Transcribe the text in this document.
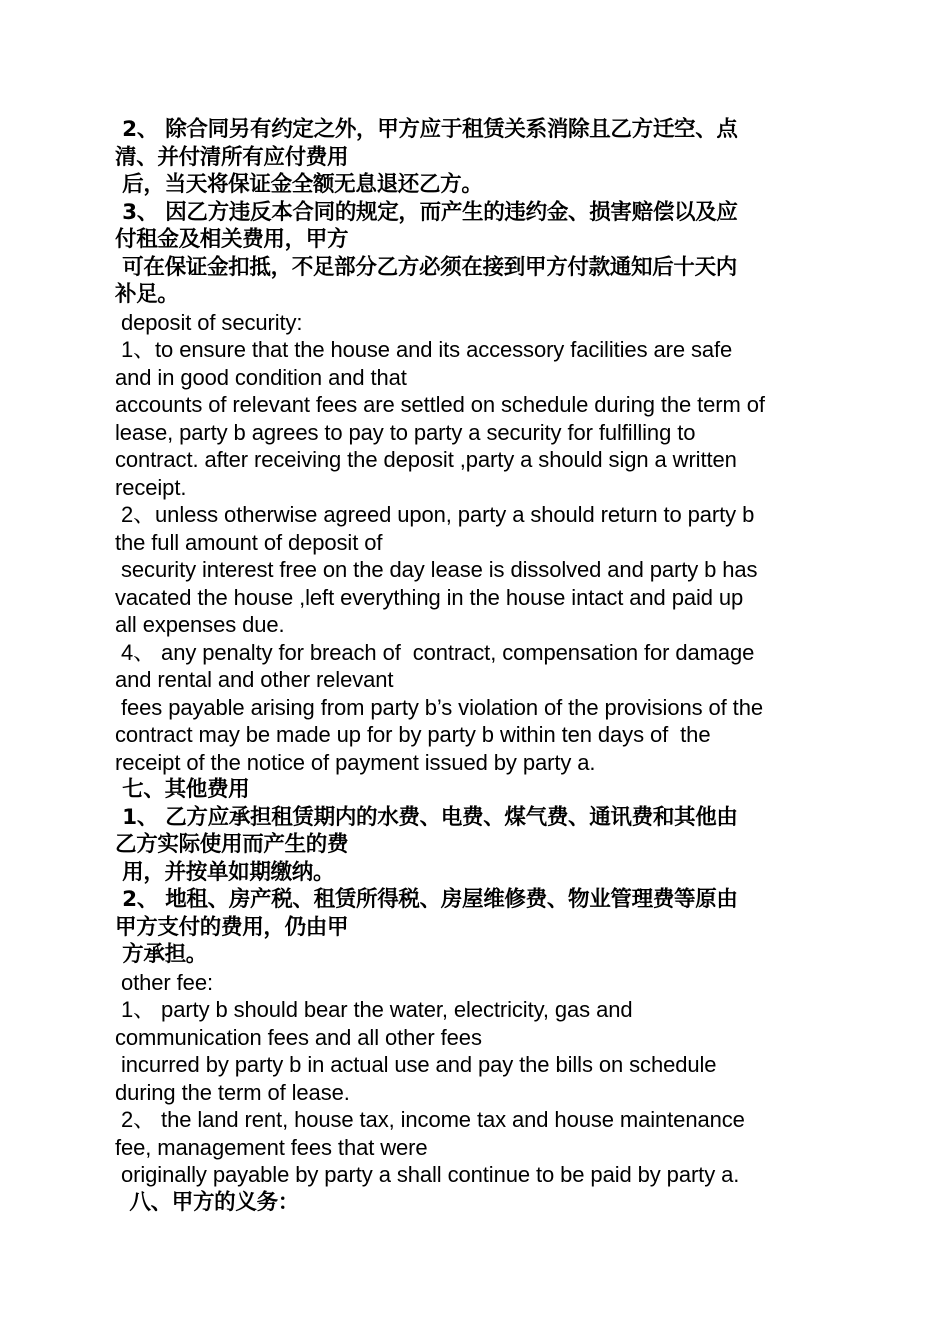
2、 除合同另有约定之外，甲方应于租赁关系消除且乙方迁空、点
清、并付清所有应付费用
后，当天将保证金全额无息退还乙方。
3、 因乙方违反本合同的规定，而产生的违约金、损害赔偿以及应
付租金及相关费用，甲方
可在保证金扣抵，不足部分乙方必须在接到甲方付款通知后十天内
补足。
deposit of security:
1、to ensure that the house and its accessory facilities are safe
and in good condition and that
accounts of relevant fees are settled on schedule during the term of
lease, party b agrees to pay to party a security for fulfilling to
contract. after receiving the deposit ,party a should sign a written
receipt.
2、unless otherwise agreed upon, party a should return to party b
the full amount of deposit of
security interest free on the day lease is dissolved and party b has
vacated the house ,left everything in the house intact and paid up
all expenses due.
4、 any penalty for breach of  contract, compensation for damage
and rental and other relevant
fees payable arising from party b’s violation of the provisions of the
contract may be made up for by party b within ten days of  the
receipt of the notice of payment issued by party a.
七、其他费用
1、 乙方应承担租赁期内的水费、电费、煤气费、通讯费和其他由
乙方实际使用而产生的费
用，并按单如期缴纳。
2、 地租、房产税、租赁所得税、房屋维修费、物业管理费等原由
甲方支付的费用，仍由甲
方承担。
other fee:
1、 party b should bear the water, electricity, gas and
communication fees and all other fees
incurred by party b in actual use and pay the bills on schedule
during the term of lease.
2、 the land rent, house tax, income tax and house maintenance
fee, management fees that were
originally payable by party a shall continue to be paid by party a.
八、甲方的义务：
